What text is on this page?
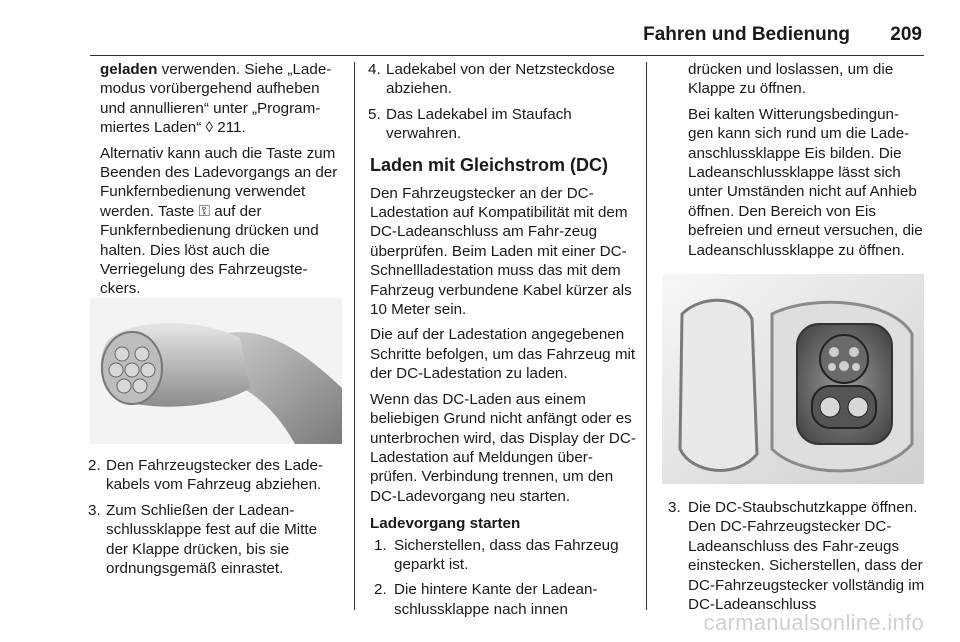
Fahren und Bedienung 209

geladen verwenden. Siehe „Lade-modus vorübergehend aufheben und annullieren“ unter „Program-miertes Laden“ ◊ 211.

Alternativ kann auch die Taste zum Beenden des Ladevorgangs an der Funkfernbedienung verwendet werden. Taste ⚿ auf der Funkfernbedienung drücken und halten. Dies löst auch die Verriegelung des Fahrzeugste-ckers.

2. Den Fahrzeugstecker des Lade-kabels vom Fahrzeug abziehen.
3. Zum Schließen der Ladean-schlussklappe fest auf die Mitte der Klappe drücken, bis sie ordnungsgemäß einrastet.
4. Ladekabel von der Netzsteckdose abziehen.
5. Das Ladekabel im Staufach verwahren.
Laden mit Gleichstrom (DC)

Den Fahrzeugstecker an der DC-Ladestation auf Kompatibilität mit dem DC-Ladeanschluss am Fahr-zeug überprüfen. Beim Laden mit einer DC-Schnellladestation muss das mit dem Fahrzeug verbundene Kabel kürzer als 10 Meter sein.

Die auf der Ladestation angegebenen Schritte befolgen, um das Fahrzeug mit der DC-Ladestation zu laden.

Wenn das DC-Laden aus einem beliebigen Grund nicht anfängt oder es unterbrochen wird, das Display der DC-Ladestation auf Meldungen über-prüfen. Verbindung trennen, um den DC-Ladevorgang neu starten.

Ladevorgang starten
1. Sicherstellen, dass das Fahrzeug geparkt ist.
2. Die hintere Kante der Ladean-schlussklappe nach innen

drücken und loslassen, um die Klappe zu öffnen.

Bei kalten Witterungsbedingun-gen kann sich rund um die Lade-anschlussklappe Eis bilden. Die Ladeanschlussklappe lässt sich unter Umständen nicht auf Anhieb öffnen. Den Bereich von Eis befreien und erneut versuchen, die Ladeanschlussklappe zu öffnen.

3. Die DC-Staubschutzkappe öffnen. Den DC-Fahrzeugstecker DC-Ladeanschluss des Fahr-zeugs einstecken. Sicherstellen, dass der DC-Fahrzeugstecker vollständig im DC-Ladeanschluss
carmanualsonline.info
